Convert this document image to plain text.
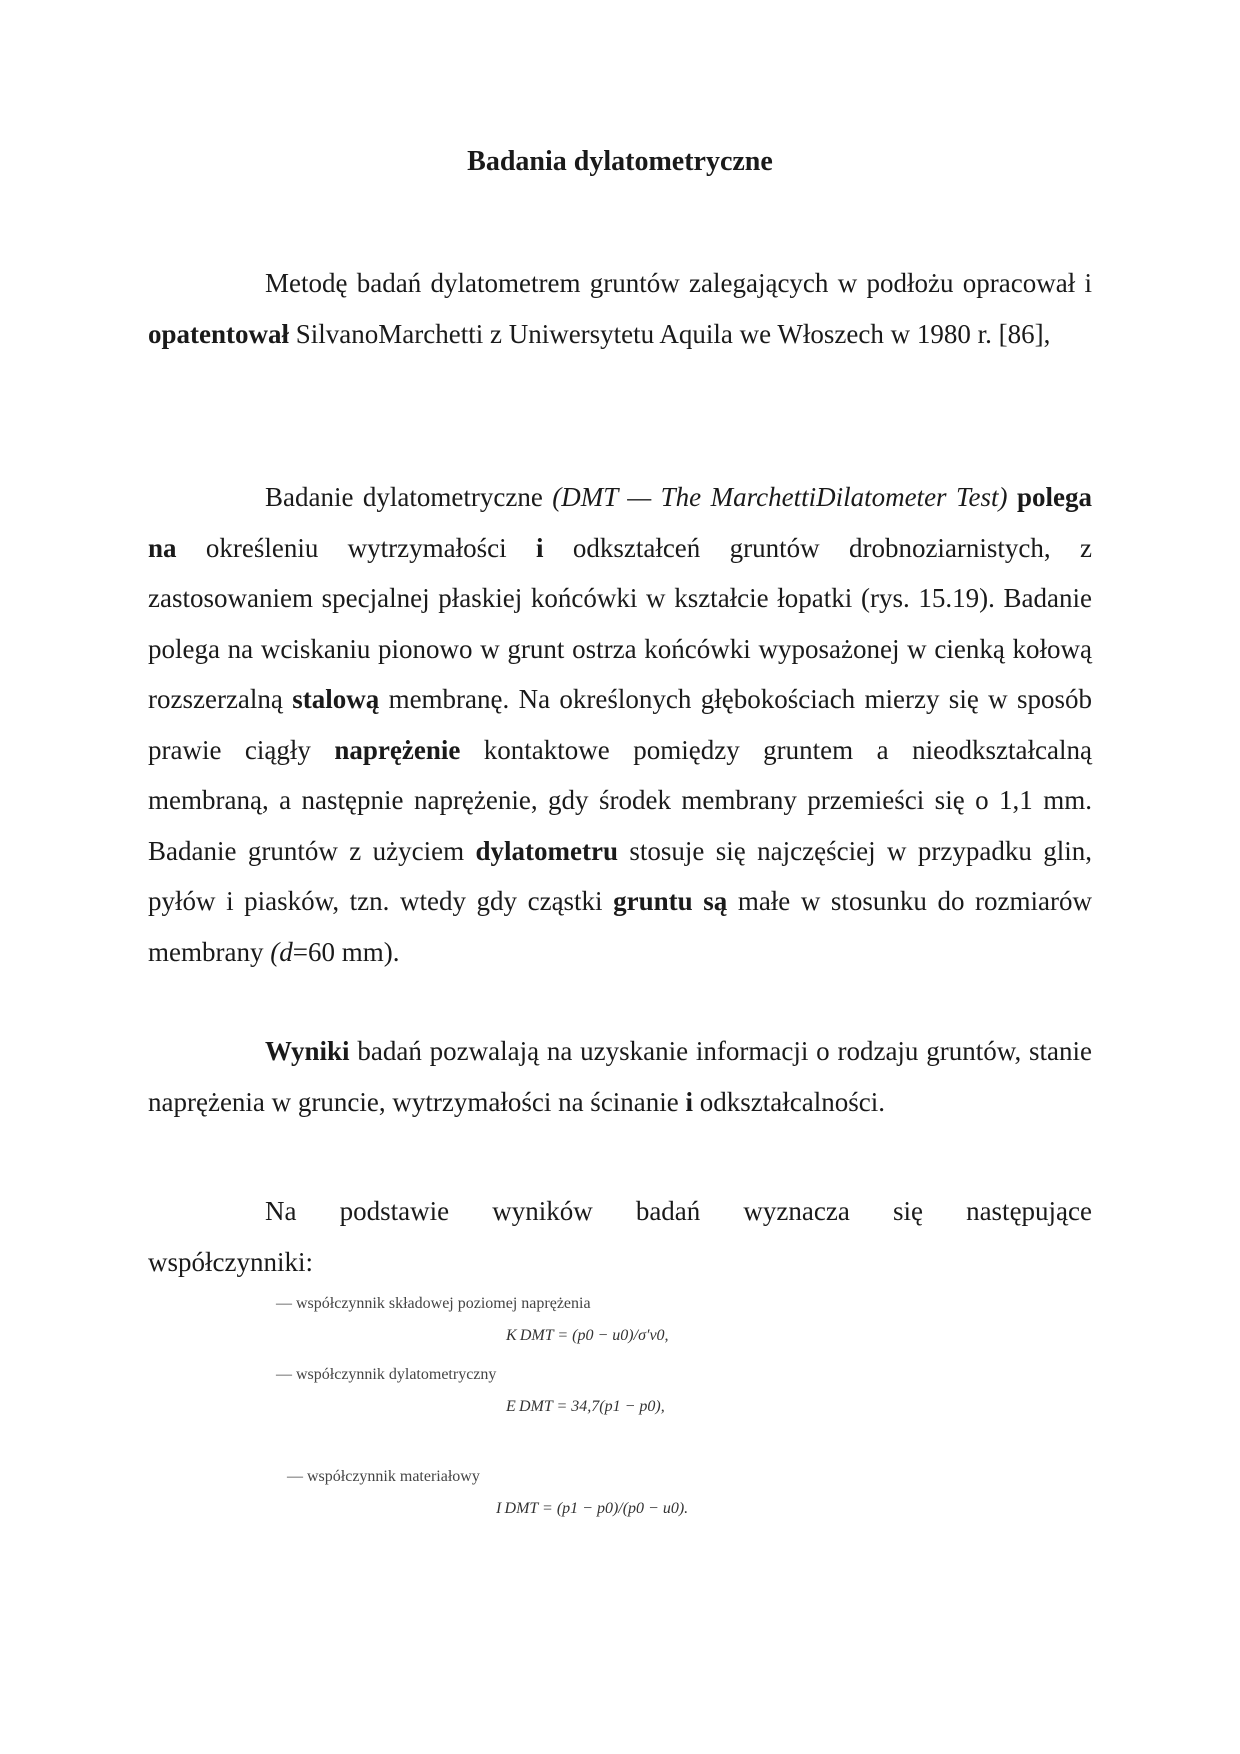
Badania dylatometryczne

Metodę badań dylatometrem gruntów zalegających w podłożu opracował i opatentował SilvanoMarchetti z Uniwersytetu Aquila we Włoszech w 1980 r. [86],

Badanie dylatometryczne (DMT — The MarchettiDilatometer Test) polega na określeniu wytrzymałości i odkształceń gruntów drobnoziarnistych, z zastosowaniem specjalnej płaskiej końcówki w kształcie łopatki (rys. 15.19). Badanie polega na wciskaniu pionowo w grunt ostrza końcówki wyposażonej w cienką kołową rozszerzalną stalową membranę. Na określonych głębokościach mierzy się w sposób prawie ciągły naprężenie kontaktowe pomiędzy gruntem a nieodkształcalną membraną, a następnie naprężenie, gdy środek membrany przemieści się o 1,1 mm. Badanie gruntów z użyciem dylatometru stosuje się najczęściej w przypadku glin, pyłów i piasków, tzn. wtedy gdy cząstki gruntu są małe w stosunku do rozmiarów membrany (d=60 mm).

Wyniki badań pozwalają na uzyskanie informacji o rodzaju gruntów, stanie naprężenia w gruncie, wytrzymałości na ścinanie i odkształcalności.

Na podstawie wyników badań wyznacza się następujące
współczynniki:
— współczynnik składowej poziomej naprężenia
K DMT = (p0 − u0)/σ′v0,
— współczynnik dylatometryczny
E DMT = 34,7(p1 − p0),
— współczynnik materiałowy
I DMT = (p1 − p0)/(p0 − u0).
